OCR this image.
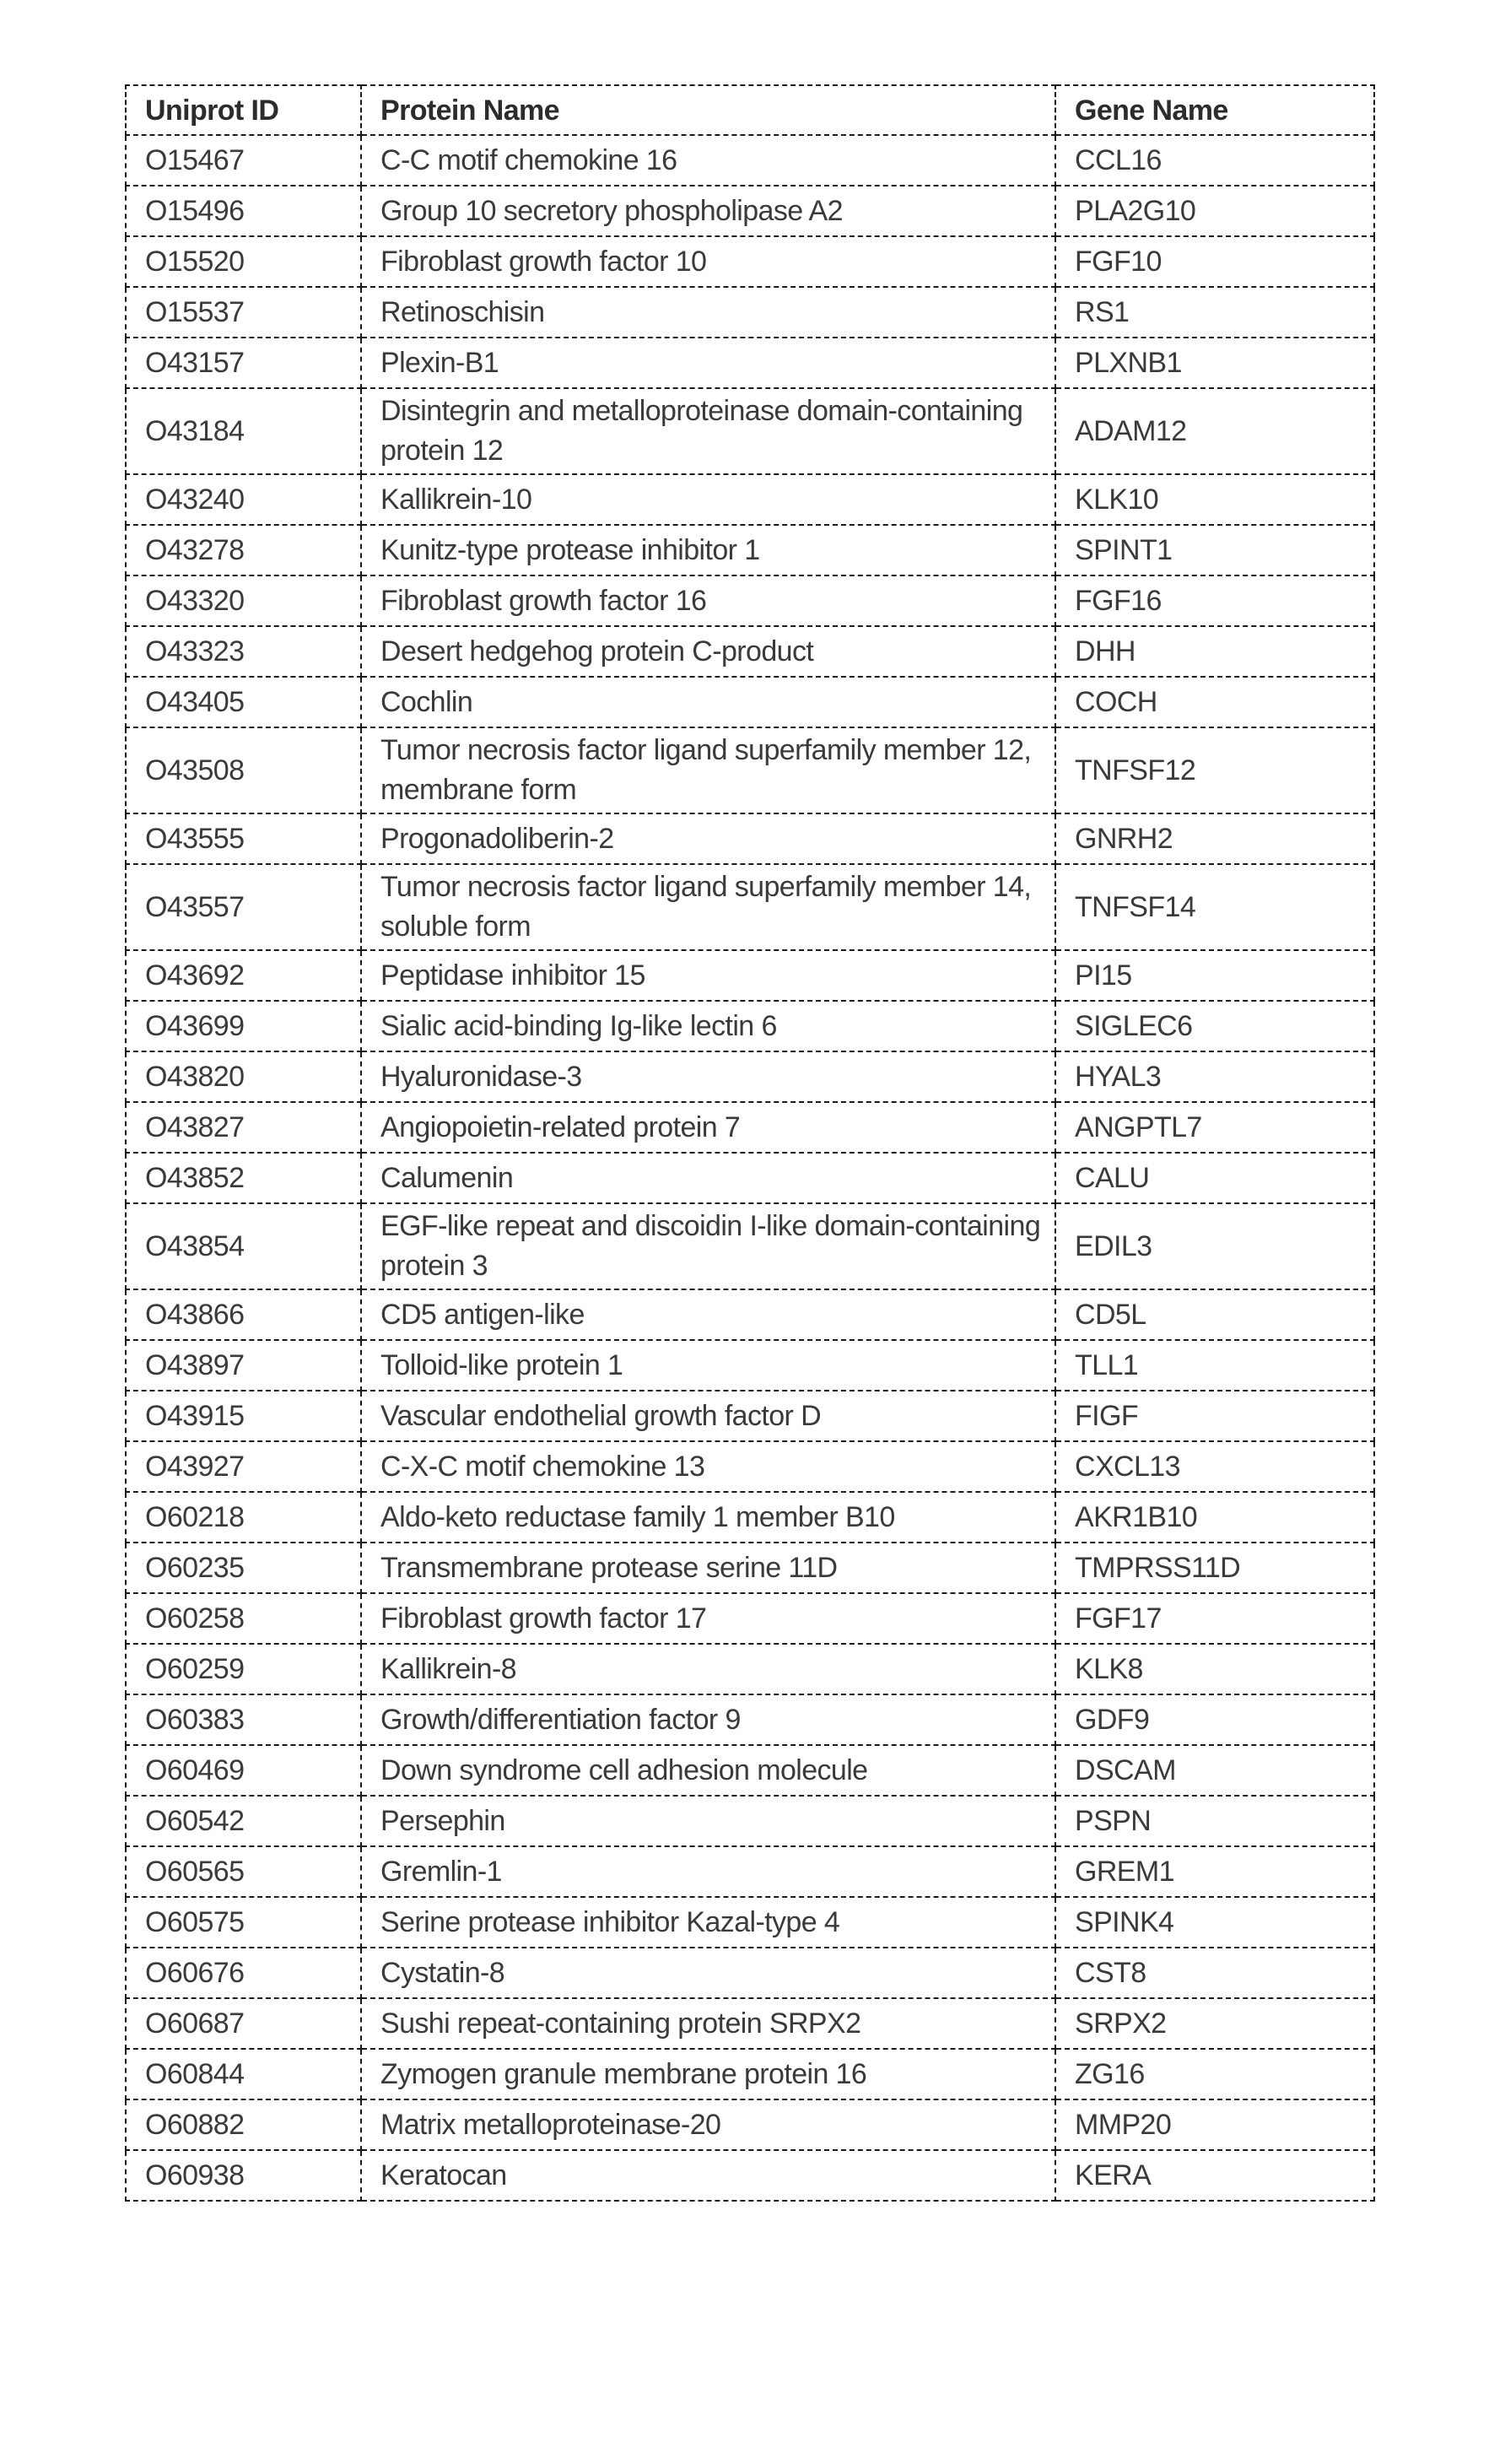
Uniprot ID	Protein Name	Gene Name
O15467	C-C motif chemokine 16	CCL16
O15496	Group 10 secretory phospholipase A2	PLA2G10
O15520	Fibroblast growth factor 10	FGF10
O15537	Retinoschisin	RS1
O43157	Plexin-B1	PLXNB1
O43184	Disintegrin and metalloproteinase domain-containing protein 12	ADAM12
O43240	Kallikrein-10	KLK10
O43278	Kunitz-type protease inhibitor 1	SPINT1
O43320	Fibroblast growth factor 16	FGF16
O43323	Desert hedgehog protein C-product	DHH
O43405	Cochlin	COCH
O43508	Tumor necrosis factor ligand superfamily member 12, membrane form	TNFSF12
O43555	Progonadoliberin-2	GNRH2
O43557	Tumor necrosis factor ligand superfamily member 14, soluble form	TNFSF14
O43692	Peptidase inhibitor 15	PI15
O43699	Sialic acid-binding Ig-like lectin 6	SIGLEC6
O43820	Hyaluronidase-3	HYAL3
O43827	Angiopoietin-related protein 7	ANGPTL7
O43852	Calumenin	CALU
O43854	EGF-like repeat and discoidin I-like domain-containing protein 3	EDIL3
O43866	CD5 antigen-like	CD5L
O43897	Tolloid-like protein 1	TLL1
O43915	Vascular endothelial growth factor D	FIGF
O43927	C-X-C motif chemokine 13	CXCL13
O60218	Aldo-keto reductase family 1 member B10	AKR1B10
O60235	Transmembrane protease serine 11D	TMPRSS11D
O60258	Fibroblast growth factor 17	FGF17
O60259	Kallikrein-8	KLK8
O60383	Growth/differentiation factor 9	GDF9
O60469	Down syndrome cell adhesion molecule	DSCAM
O60542	Persephin	PSPN
O60565	Gremlin-1	GREM1
O60575	Serine protease inhibitor Kazal-type 4	SPINK4
O60676	Cystatin-8	CST8
O60687	Sushi repeat-containing protein SRPX2	SRPX2
O60844	Zymogen granule membrane protein 16	ZG16
O60882	Matrix metalloproteinase-20	MMP20
O60938	Keratocan	KERA
